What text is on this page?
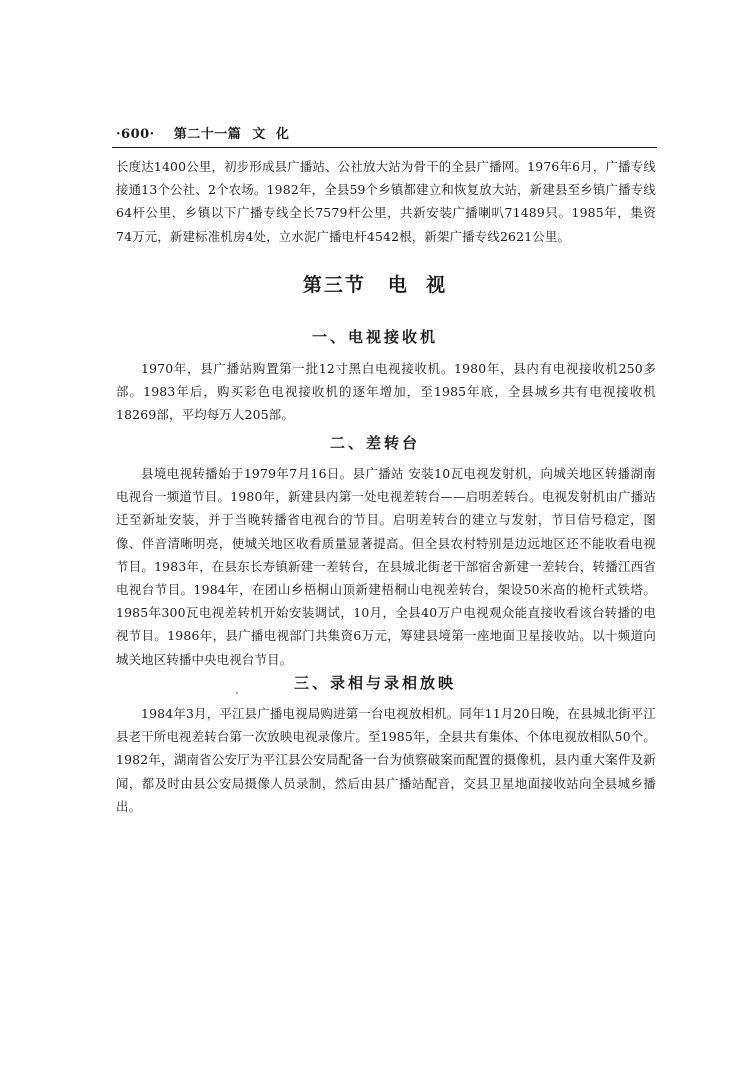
·600· 第二十一篇 文  化

长度达1400公里，初步形成县广播站、公社放大站为骨干的全县广播网。1976年6月，广播专线接通13个公社、2个农场。1982年，全县59个乡镇都建立和恢复放大站，新建县至乡镇广播专线64杆公里，乡镇以下广播专线全长7579杆公里，共新安装广播喇叭71489只。1985年，集资74万元，新建标准机房4处，立水泥广播电杆4542根，新架广播专线2621公里。

第三节 电  视
一、电视接收机

1970年，县广播站购置第一批12寸黑白电视接收机。1980年，县内有电视接收机250多部。1983年后，购买彩色电视接收机的逐年增加，至1985年底，全县城乡共有电视接收机18269部，平均每万人205部。

二、差转台

县境电视转播始于1979年7月16日。县广播站 安装10瓦电视发射机，向城关地区转播湖南电视台一频道节目。1980年，新建县内第一处电视差转台——启明差转台。电视发射机由广播站迁至新址安装，并于当晚转播省电视台的节目。启明差转台的建立与发射，节目信号稳定，图像、伴音清晰明亮，使城关地区收看质量显著提高。但全县农村特别是边远地区还不能收看电视节目。1983年，在县东长寿镇新建一差转台，在县城北街老干部宿舍新建一差转台，转播江西省电视台节目。1984年，在团山乡梧桐山顶新建梧桐山电视差转台，架设50米高的桅杆式铁塔。1985年300瓦电视差转机开始安装调试，10月，全县40万户电视观众能直接收看该台转播的电视节目。1986年，县广播电视部门共集资6万元，筹建县境第一座地面卫星接收站。以十频道向城关地区转播中央电视台节目。

三、录相与录相放映

1984年3月，平江县广播电视局购进第一台电视放相机。同年11月20日晚，在县城北街平江县老干所电视差转台第一次放映电视录像片。至1985年，全县共有集体、个体电视放相队50个。1982年，湖南省公安厅为平江县公安局配备一台为侦察破案而配置的摄像机，县内重大案件及新闻，都及时由县公安局摄像人员录制，然后由县广播站配音，交县卫星地面接收站向全县城乡播出。
